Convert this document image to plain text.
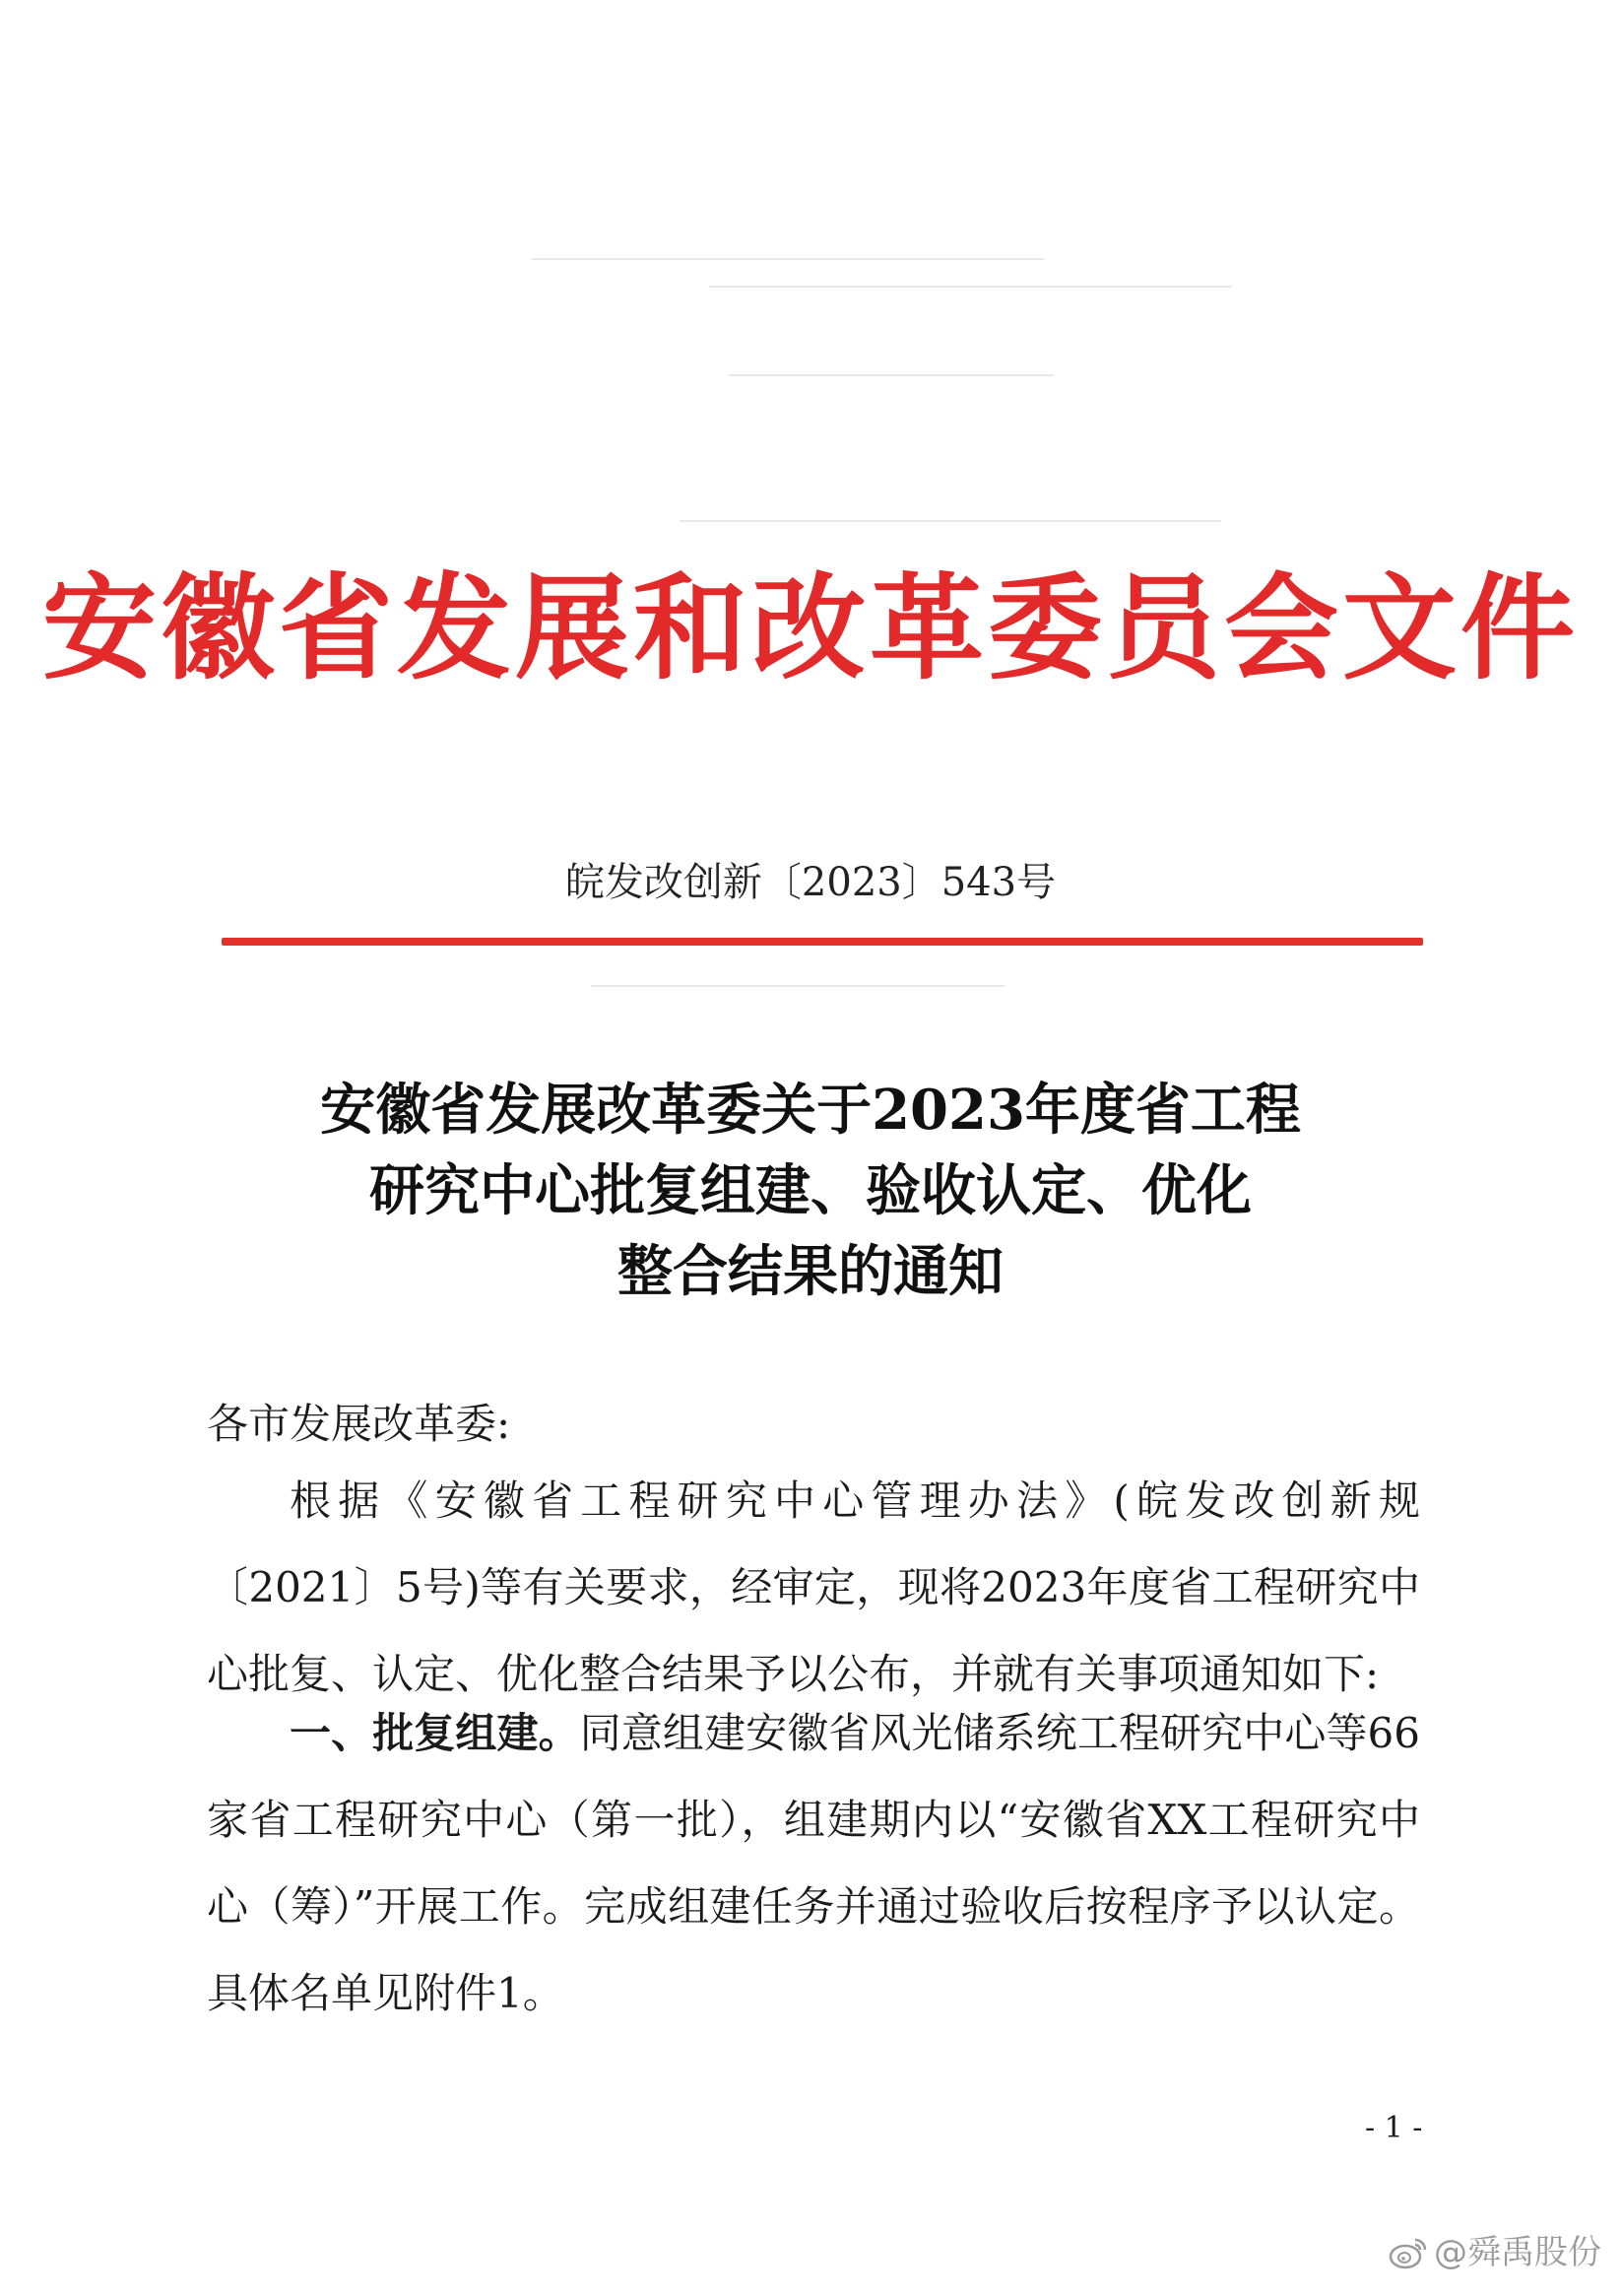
安徽省发展和改革委员会文件
皖发改创新〔2023〕543号
安徽省发展改革委关于2023年度省工程
研究中心批复组建、验收认定、优化
整合结果的通知
各市发展改革委:
根据《安徽省工程研究中心管理办法》(皖发改创新规〔2021〕5号)等有关要求，经审定，现将2023年度省工程研究中心批复、认定、优化整合结果予以公布，并就有关事项通知如下:
一、批复组建。同意组建安徽省风光储系统工程研究中心等66家省工程研究中心（第一批），组建期内以“安徽省XX工程研究中心（筹）”开展工作。完成组建任务并通过验收后按程序予以认定。具体名单见附件1。
- 1 -
@舜禹股份
